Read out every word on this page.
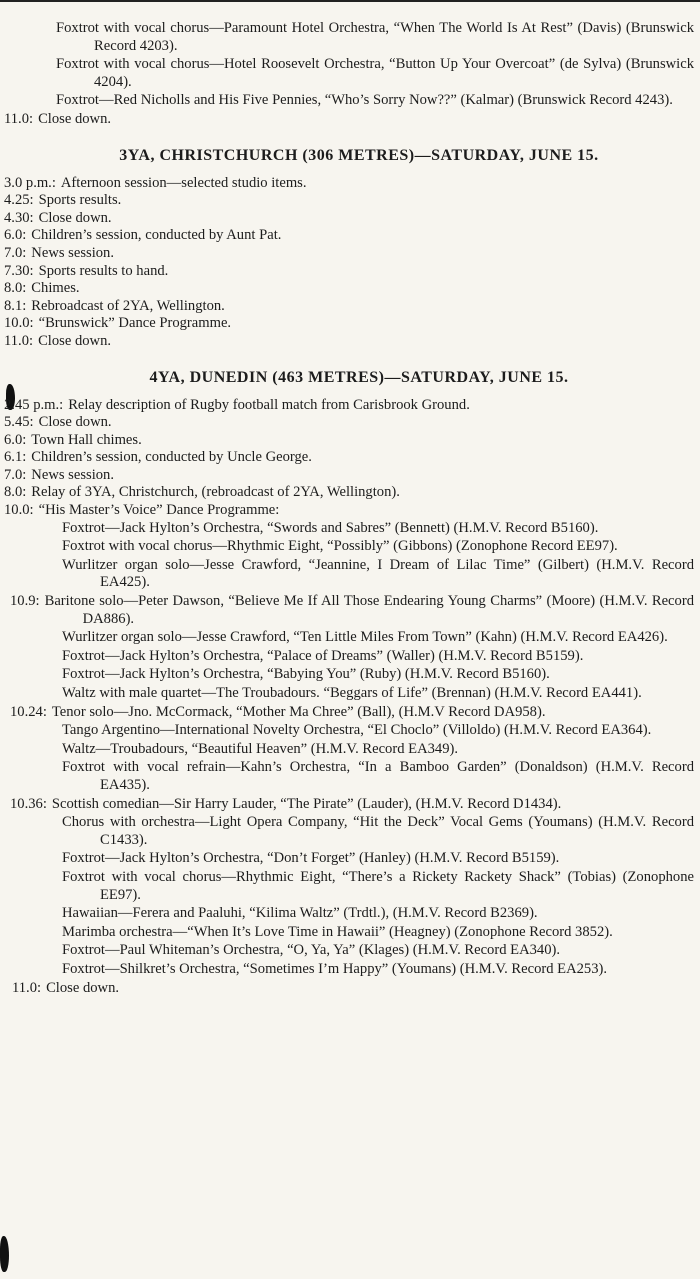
Foxtrot with vocal chorus—Paramount Hotel Orchestra, “When The World Is At Rest” (Davis) (Brunswick Record 4203).

Foxtrot with vocal chorus—Hotel Roosevelt Orchestra, “Button Up Your Overcoat” (de Sylva) (Brunswick 4204).

Foxtrot—Red Nicholls and His Five Pennies, “Who’s Sorry Now??” (Kalmar) (Brunswick Record 4243).

11.0: Close down.
3YA, CHRISTCHURCH (306 METRES)—SATURDAY, JUNE 15.
3.0 p.m.: Afternoon session—selected studio items.
4.25: Sports results.
4.30: Close down.
6.0: Children’s session, conducted by Aunt Pat.
7.0: News session.
7.30: Sports results to hand.
8.0: Chimes.
8.1: Rebroadcast of 2YA, Wellington.
10.0: “Brunswick” Dance Programme.
11.0: Close down.
4YA, DUNEDIN (463 METRES)—SATURDAY, JUNE 15.
2.45 p.m.: Relay description of Rugby football match from Carisbrook Ground.
5.45: Close down.
6.0: Town Hall chimes.
6.1: Children’s session, conducted by Uncle George.
7.0: News session.
8.0: Relay of 3YA, Christchurch, (rebroadcast of 2YA, Wellington).
10.0: “His Master’s Voice” Dance Programme:

Foxtrot—Jack Hylton’s Orchestra, “Swords and Sabres” (Bennett) (H.M.V. Record B5160).

Foxtrot with vocal chorus—Rhythmic Eight, “Possibly” (Gibbons) (Zonophone Record EE97).

Wurlitzer organ solo—Jesse Crawford, “Jeannine, I Dream of Lilac Time” (Gilbert) (H.M.V. Record EA425).

10.9: Baritone solo—Peter Dawson, “Believe Me If All Those Endearing Young Charms” (Moore) (H.M.V. Record DA886).

Wurlitzer organ solo—Jesse Crawford, “Ten Little Miles From Town” (Kahn) (H.M.V. Record EA426).

Foxtrot—Jack Hylton’s Orchestra, “Palace of Dreams” (Waller) (H.M.V. Record B5159).

Foxtrot—Jack Hylton’s Orchestra, “Babying You” (Ruby) (H.M.V. Record B5160).

Waltz with male quartet—The Troubadours. “Beggars of Life” (Brennan) (H.M.V. Record EA441).

10.24: Tenor solo—Jno. McCormack, “Mother Ma Chree” (Ball), (H.M.V Record DA958).

Tango Argentino—International Novelty Orchestra, “El Choclo” (Villoldo) (H.M.V. Record EA364).

Waltz—Troubadours, “Beautiful Heaven” (H.M.V. Record EA349).

Foxtrot with vocal refrain—Kahn’s Orchestra, “In a Bamboo Garden” (Donaldson) (H.M.V. Record EA435).

10.36: Scottish comedian—Sir Harry Lauder, “The Pirate” (Lauder), (H.M.V. Record D1434).

Chorus with orchestra—Light Opera Company, “Hit the Deck” Vocal Gems (Youmans) (H.M.V. Record C1433).

Foxtrot—Jack Hylton’s Orchestra, “Don’t Forget” (Hanley) (H.M.V. Record B5159).

Foxtrot with vocal chorus—Rhythmic Eight, “There’s a Rickety Rackety Shack” (Tobias) (Zonophone EE97).

Hawaiian—Ferera and Paaluhi, “Kilima Waltz” (Trdtl.), (H.M.V. Record B2369).

Marimba orchestra—“When It’s Love Time in Hawaii” (Heagney) (Zonophone Record 3852).

Foxtrot—Paul Whiteman’s Orchestra, “O, Ya, Ya” (Klages) (H.M.V. Record EA340).

Foxtrot—Shilkret’s Orchestra, “Sometimes I’m Happy” (Youmans) (H.M.V. Record EA253).

11.0: Close down.
